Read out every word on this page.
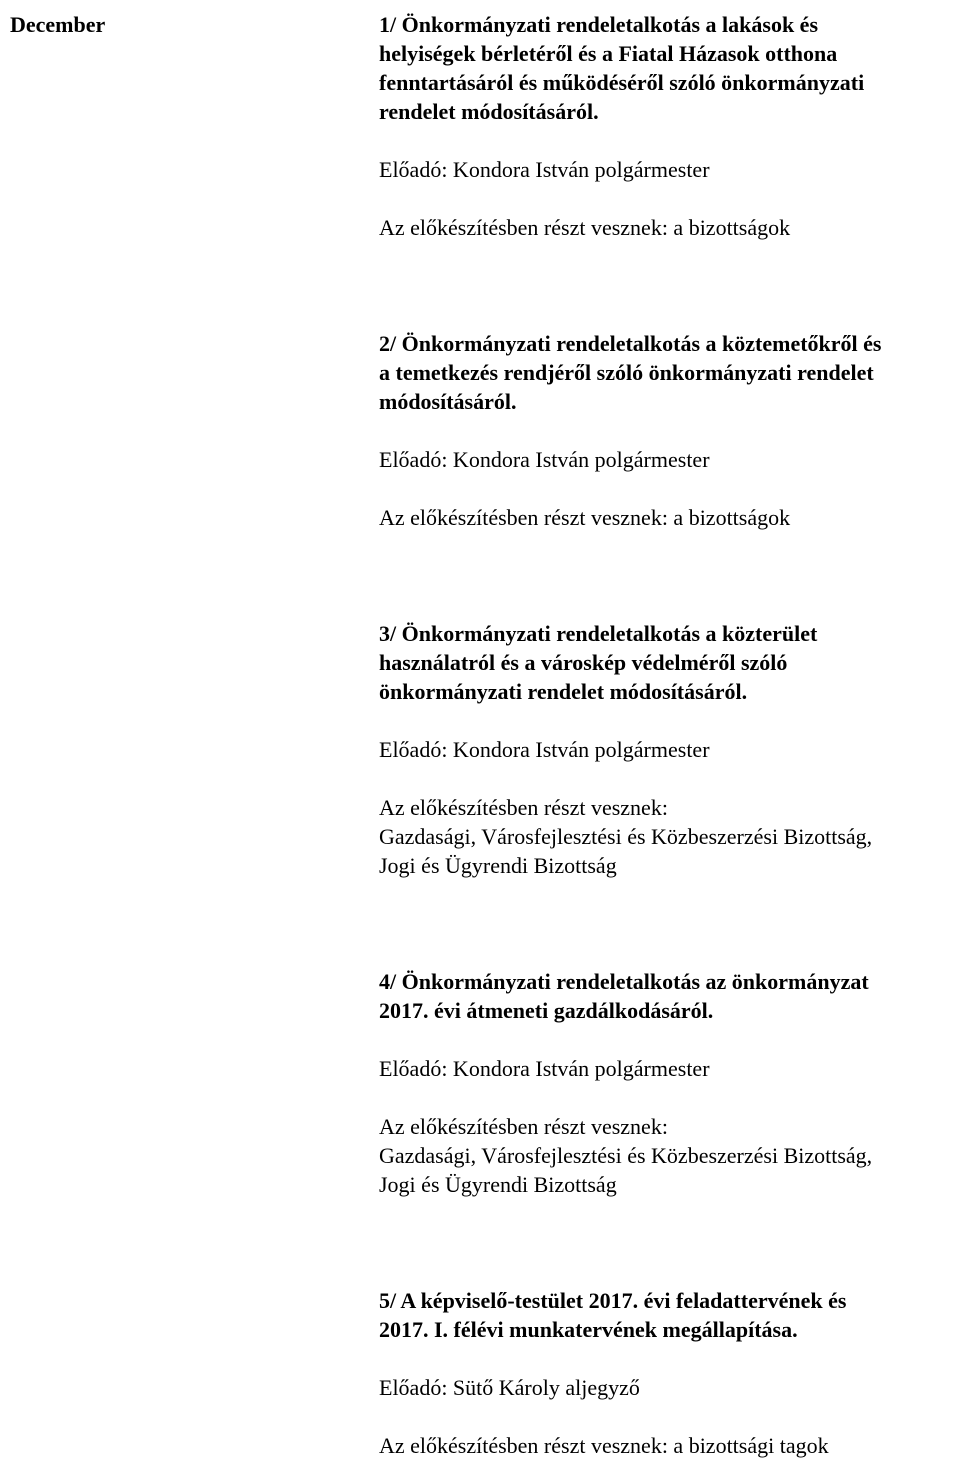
December	1/ Önkormányzati rendeletalkotás a lakások és
helyiségek bérletéről és a Fiatal Házasok otthona
fenntartásáról és működéséről szóló önkormányzati
rendelet módosításáról.

Előadó: Kondora István polgármester

Az előkészítésben részt vesznek: a bizottságok

2/ Önkormányzati rendeletalkotás a köztemetőkről és
a temetkezés rendjéről szóló önkormányzati rendelet
módosításáról.

Előadó: Kondora István polgármester

Az előkészítésben részt vesznek: a bizottságok

3/ Önkormányzati rendeletalkotás a közterület
használatról és a városkép védelméről szóló
önkormányzati rendelet módosításáról.

Előadó: Kondora István polgármester

Az előkészítésben részt vesznek:
Gazdasági, Városfejlesztési és Közbeszerzési Bizottság,
Jogi és Ügyrendi Bizottság

4/ Önkormányzati rendeletalkotás az önkormányzat
2017. évi átmeneti gazdálkodásáról.

Előadó: Kondora István polgármester

Az előkészítésben részt vesznek:
Gazdasági, Városfejlesztési és Közbeszerzési Bizottság,
Jogi és Ügyrendi Bizottság

5/ A képviselő-testület 2017. évi feladattervének és
2017. I. félévi munkatervének megállapítása.

Előadó: Sütő Károly aljegyző

Az előkészítésben részt vesznek: a bizottsági tagok
